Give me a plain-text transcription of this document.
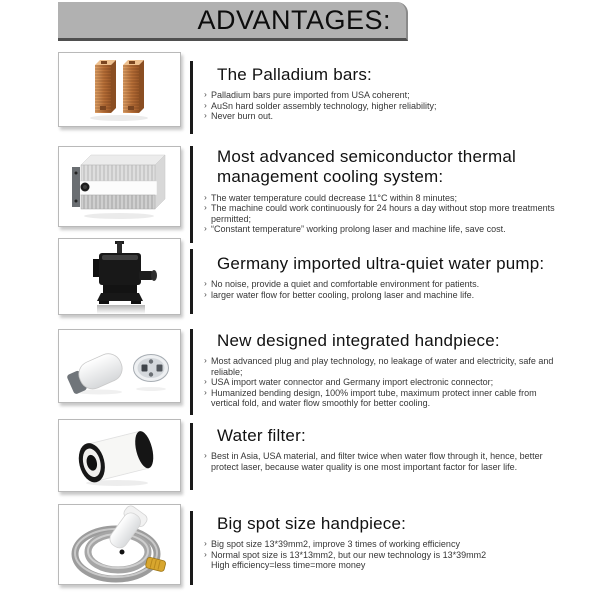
ADVANTAGES:
The Palladium bars:
› Palladium bars pure imported from USA coherent;
› AuSn hard solder assembly technology, higher reliability;
› Never burn out.
Most advanced semiconductor thermal management cooling system:
› The water temperature could decrease 11°C within 8 minutes;
› The machine could work continuously for 24 hours a day without stop more treatments permitted;
› “Constant temperature” working prolong laser and machine life, save cost.
Germany imported ultra-quiet water pump:
› No noise, provide a quiet and comfortable environment for patients.
› larger water flow for better cooling, prolong laser and machine life.
New designed integrated handpiece:
› Most advanced plug and play technology, no leakage of water and electricity, safe and reliable;
› USA import water connector and Germany import electronic connector;
› Humanized bending design, 100% import tube, maximum protect inner cable from vertical fold, and water flow smoothly for better cooling.
Water filter:
› Best in Asia, USA material, and filter twice when water flow through it, hence, better protect laser, because water quality is one most important factor for laser life.
Big spot size handpiece:
› Big spot size 13*39mm2, improve 3 times of working efficiency
› Normal spot size is 13*13mm2, but our new technology is 13*39mm2
High efficiency=less time=more money
